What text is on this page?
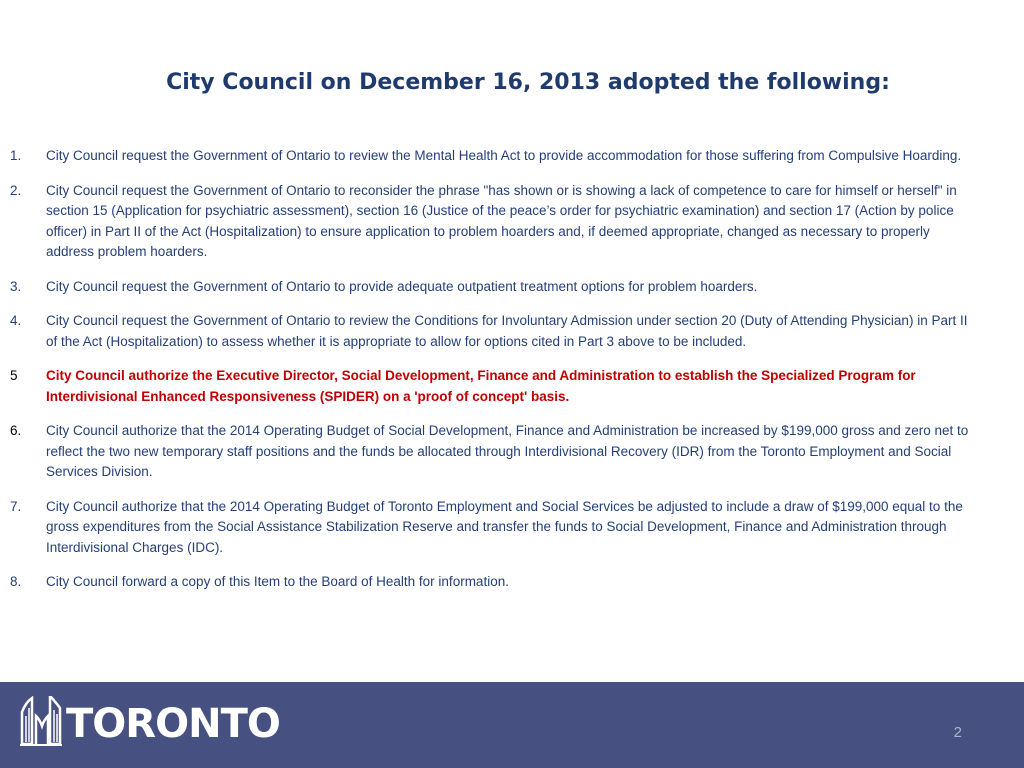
City Council on December 16, 2013 adopted the following:
1.	City Council request the Government of Ontario to review the Mental Health Act to provide accommodation for those suffering from Compulsive Hoarding.
2.	City Council request the Government of Ontario to reconsider the phrase "has shown or is showing a lack of competence to care for himself or herself" in section 15 (Application for psychiatric assessment), section 16 (Justice of the peace’s order for psychiatric examination) and section 17 (Action by police officer) in Part II of the Act (Hospitalization) to ensure application to problem hoarders and, if deemed appropriate, changed as necessary to properly address problem hoarders.
3.	City Council request the Government of Ontario to provide adequate outpatient treatment options for problem hoarders.
4.	City Council request the Government of Ontario to review the Conditions for Involuntary Admission under section 20 (Duty of Attending Physician) in Part II of the Act (Hospitalization) to assess whether it is appropriate to allow for options cited in Part 3 above to be included.
5	City Council authorize the Executive Director, Social Development, Finance and Administration to establish the Specialized Program for Interdivisional Enhanced Responsiveness (SPIDER) on a 'proof of concept' basis.
6.	City Council authorize that the 2014 Operating Budget of Social Development, Finance and Administration be increased by $199,000 gross and zero net to reflect the two new temporary staff positions and the funds be allocated through Interdivisional Recovery (IDR) from the Toronto Employment and Social Services Division.
7.	City Council authorize that the 2014 Operating Budget of Toronto Employment and Social Services be adjusted to include a draw of $199,000 equal to the gross expenditures from the Social Assistance Stabilization Reserve and transfer the funds to Social Development, Finance and Administration through Interdivisional Charges (IDC).
8.	City Council forward a copy of this Item to the Board of Health for information.
TORONTO	2
